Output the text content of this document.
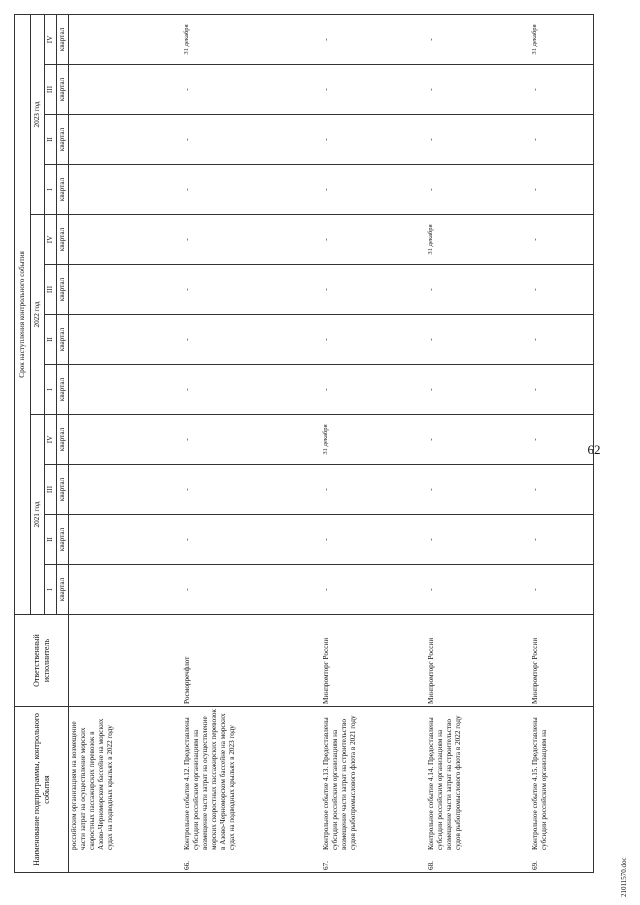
62
Наименование подпрограммы, контрольного события	Ответственный исполнитель	Срок наступления контрольного события											
		2021 год				2022 год				2023 год			
		I	II	III	IV	I	II	III	IV	I	II	III	IV
		квартал	квартал	квартал	квартал	квартал	квартал	квартал	квартал	квартал	квартал	квартал	квартал

российским организациям на возмещение части затрат на осуществление морских скоростных пассажирских перевозок в Азово-Черноморском бассейне на морских судах на подводных крыльях в 2022 году													

66.
Контрольное событие 4.12. Предоставлены субсидии российским организациям на возмещение части затрат на осуществление морских скоростных пассажирских перевозок в Азово-Черноморском бассейне на морских судах на подводных крыльях в 2023 году	Росморречфлот	-	-	-	-	-	-	-	-	-	-	-	31 декабря

67.
Контрольное событие 4.13. Предоставлены субсидии российским организациям на возмещение части затрат на строительство судов рыбопромыслового флота в 2021 году	Минпромторг России	-	-	-	31 декабря	-	-	-	-	-	-	-	-

68.
Контрольное событие 4.14. Предоставлены субсидии российским организациям на возмещение части затрат на строительство судов рыбопромыслового флота в 2022 году	Минпромторг России	-	-	-	-	-	-	-	31 декабря	-	-	-	-

69.
Контрольное событие 4.15. Предоставлены субсидии российским организациям на	Минпромторг России	-	-	-	-	-	-	-	-	-	-	-	31 декабря
21011570.doc
